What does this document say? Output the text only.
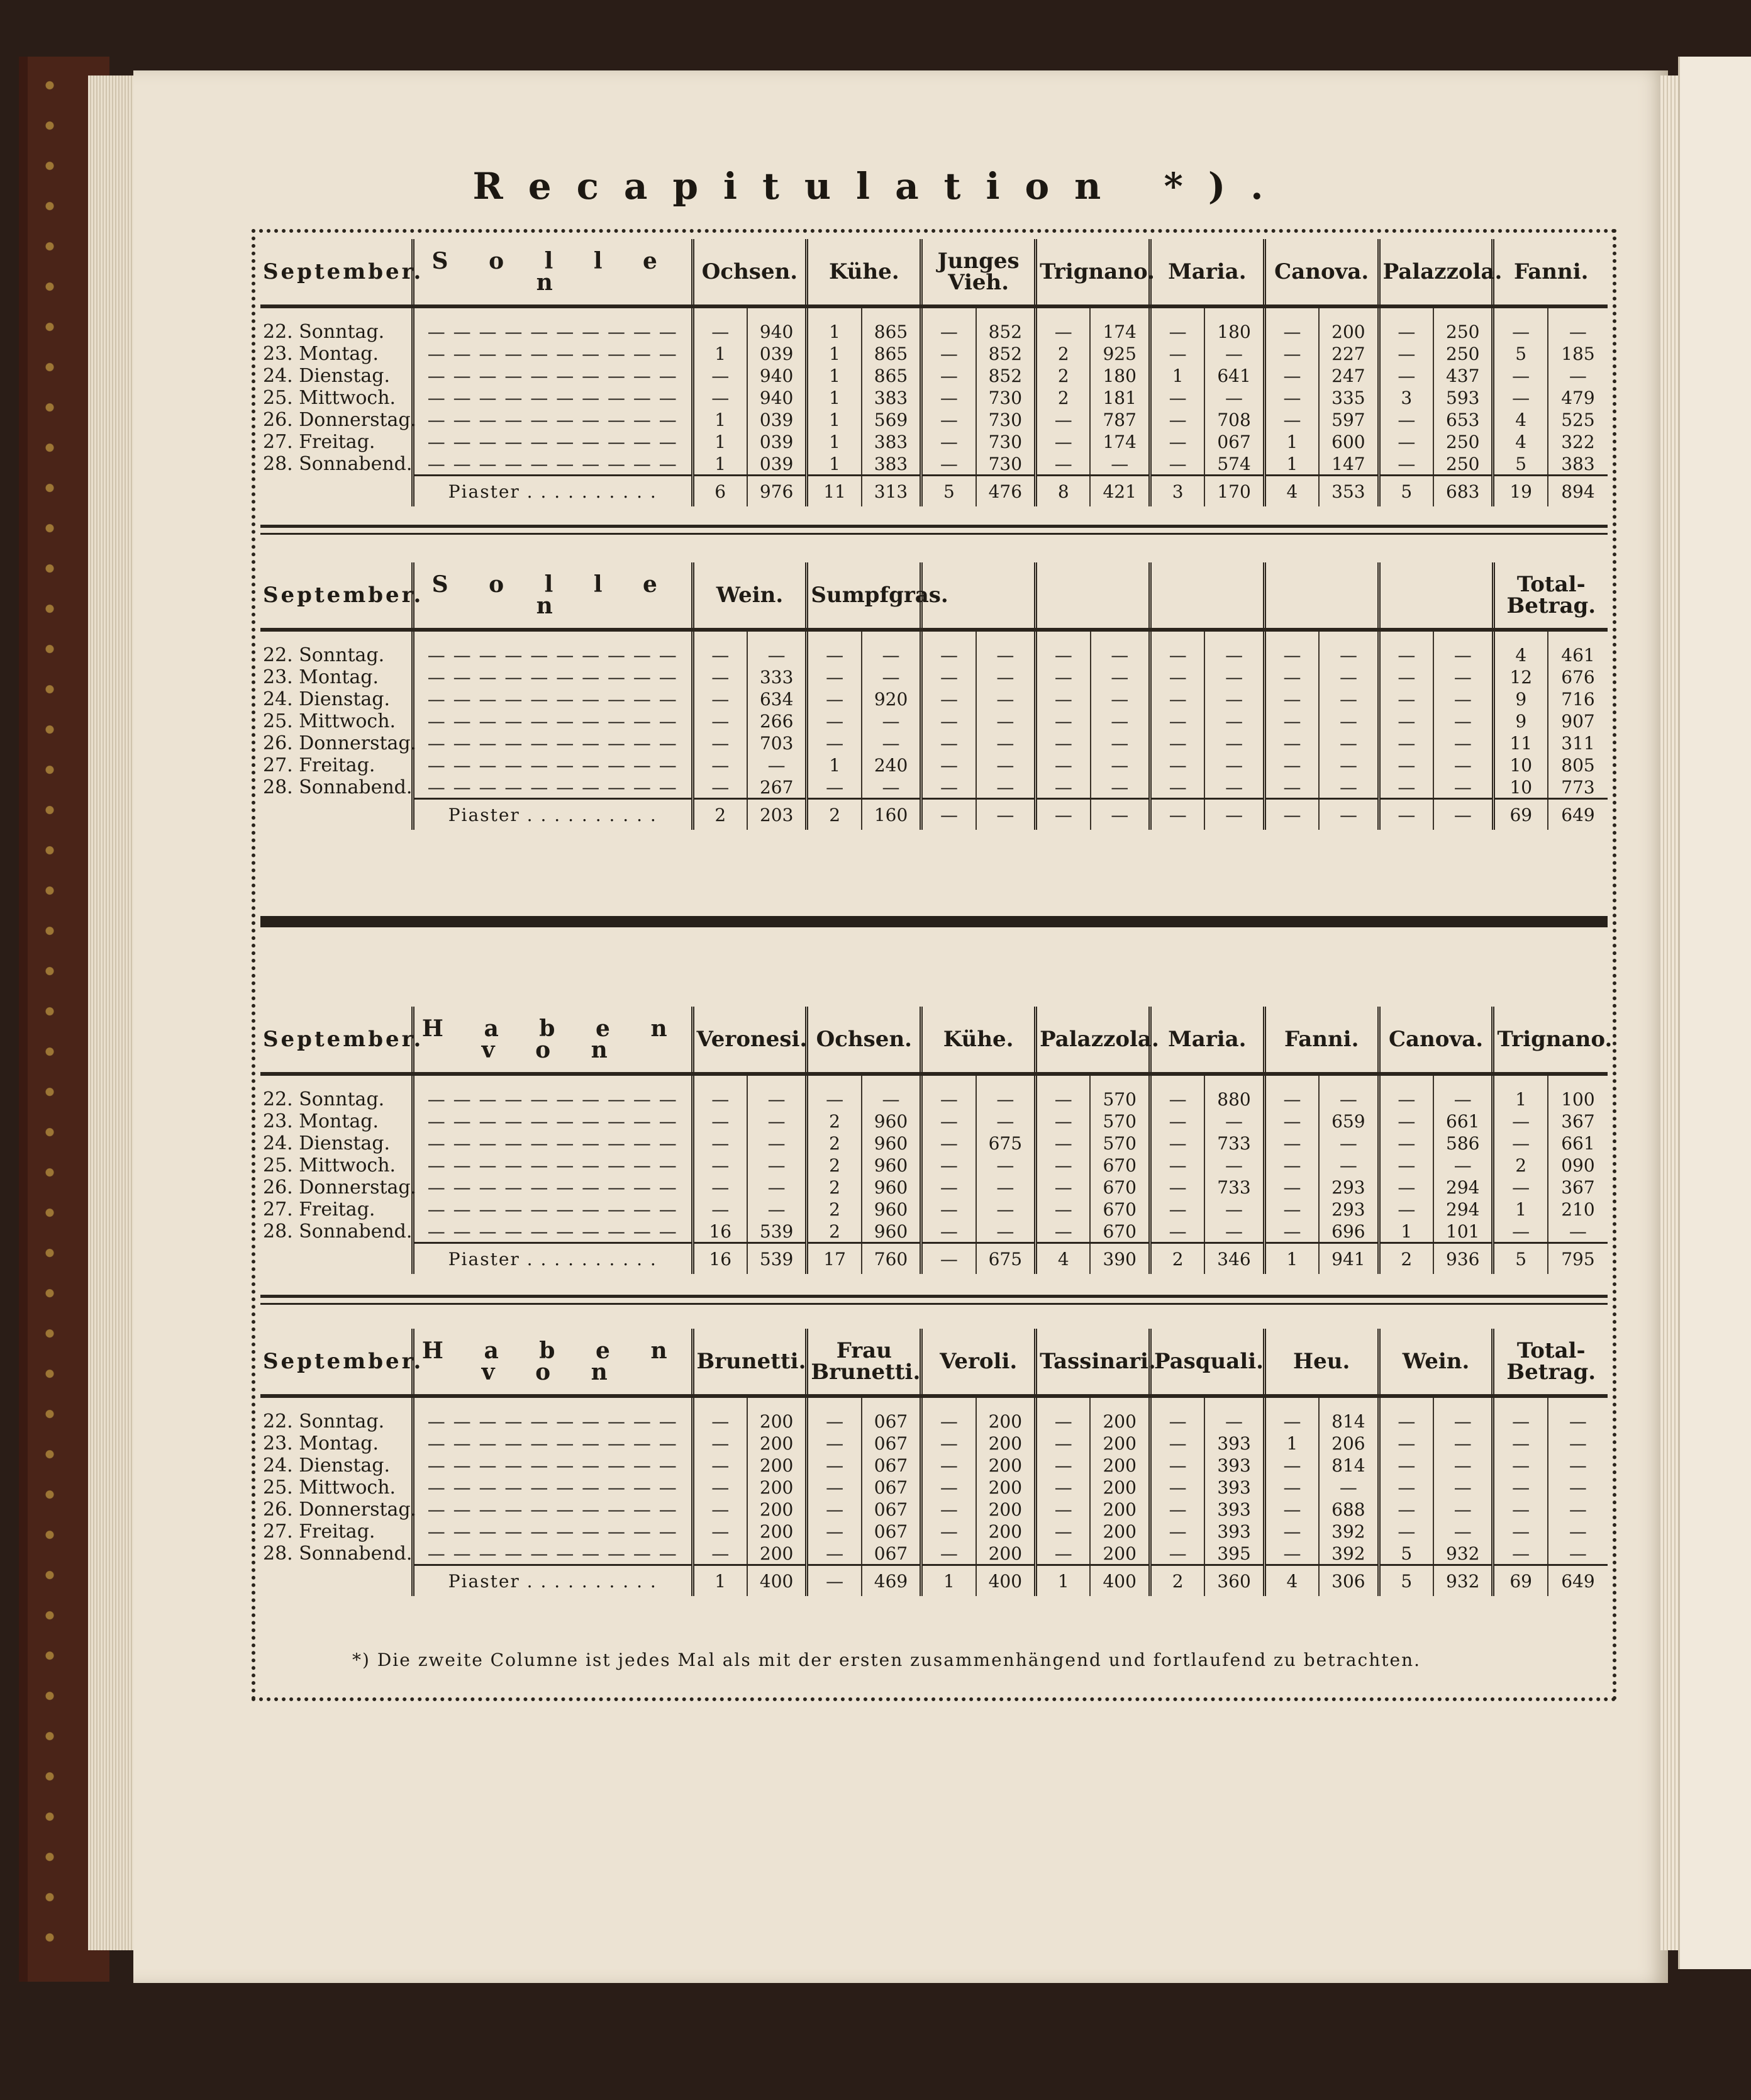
Recapitulation *).
September.	S o l l e n	Ochsen.		Kühe.		Junges Vieh.		Trignano.		Maria.		Canova.		Palazzola.		Fanni.	

22. Sonntag.	— — — — — — — — — —	—	940	1	865	—	852	—	174	—	180	—	200	—	250	—	—
23. Montag.	— — — — — — — — — —	1	039	1	865	—	852	2	925	—	—	—	227	—	250	5	185
24. Dienstag.	— — — — — — — — — —	—	940	1	865	—	852	2	180	1	641	—	247	—	437	—	—
25. Mittwoch.	— — — — — — — — — —	—	940	1	383	—	730	2	181	—	—	—	335	3	593	—	479
26. Donnerstag.	— — — — — — — — — —	1	039	1	569	—	730	—	787	—	708	—	597	—	653	4	525
27. Freitag.	— — — — — — — — — —	1	039	1	383	—	730	—	174	—	067	1	600	—	250	4	322
28. Sonnabend.	— — — — — — — — — —	1	039	1	383	—	730	—	—	—	574	1	147	—	250	5	383
	Piaster . . . . . . . . . .	6	976	11	313	5	476	8	421	3	170	4	353	5	683	19	894
September.	S o l l e n	Wein.		Sumpfgras.												Total-Betrag.	

22. Sonntag.	— — — — — — — — — —	—	—	—	—	—	—	—	—	—	—	—	—	—	—	4	461
23. Montag.	— — — — — — — — — —	—	333	—	—	—	—	—	—	—	—	—	—	—	—	12	676
24. Dienstag.	— — — — — — — — — —	—	634	—	920	—	—	—	—	—	—	—	—	—	—	9	716
25. Mittwoch.	— — — — — — — — — —	—	266	—	—	—	—	—	—	—	—	—	—	—	—	9	907
26. Donnerstag.	— — — — — — — — — —	—	703	—	—	—	—	—	—	—	—	—	—	—	—	11	311
27. Freitag.	— — — — — — — — — —	—	—	1	240	—	—	—	—	—	—	—	—	—	—	10	805
28. Sonnabend.	— — — — — — — — — —	—	267	—	—	—	—	—	—	—	—	—	—	—	—	10	773
	Piaster . . . . . . . . . .	2	203	2	160	—	—	—	—	—	—	—	—	—	—	69	649
September.	H a b e n v o n	Veronesi.		Ochsen.		Kühe.		Palazzola.		Maria.		Fanni.		Canova.		Trignano.	

22. Sonntag.	— — — — — — — — — —	—	—	—	—	—	—	—	570	—	880	—	—	—	—	1	100
23. Montag.	— — — — — — — — — —	—	—	2	960	—	—	—	570	—	—	—	659	—	661	—	367
24. Dienstag.	— — — — — — — — — —	—	—	2	960	—	675	—	570	—	733	—	—	—	586	—	661
25. Mittwoch.	— — — — — — — — — —	—	—	2	960	—	—	—	670	—	—	—	—	—	—	2	090
26. Donnerstag.	— — — — — — — — — —	—	—	2	960	—	—	—	670	—	733	—	293	—	294	—	367
27. Freitag.	— — — — — — — — — —	—	—	2	960	—	—	—	670	—	—	—	293	—	294	1	210
28. Sonnabend.	— — — — — — — — — —	16	539	2	960	—	—	—	670	—	—	—	696	1	101	—	—
	Piaster . . . . . . . . . .	16	539	17	760	—	675	4	390	2	346	1	941	2	936	5	795
September.	H a b e n v o n	Brunetti.		Frau Brunetti.		Veroli.		Tassinari.		Pasquali.		Heu.		Wein.		Total-Betrag.	

22. Sonntag.	— — — — — — — — — —	—	200	—	067	—	200	—	200	—	—	—	814	—	—	—	—
23. Montag.	— — — — — — — — — —	—	200	—	067	—	200	—	200	—	393	1	206	—	—	—	—
24. Dienstag.	— — — — — — — — — —	—	200	—	067	—	200	—	200	—	393	—	814	—	—	—	—
25. Mittwoch.	— — — — — — — — — —	—	200	—	067	—	200	—	200	—	393	—	—	—	—	—	—
26. Donnerstag.	— — — — — — — — — —	—	200	—	067	—	200	—	200	—	393	—	688	—	—	—	—
27. Freitag.	— — — — — — — — — —	—	200	—	067	—	200	—	200	—	393	—	392	—	—	—	—
28. Sonnabend.	— — — — — — — — — —	—	200	—	067	—	200	—	200	—	395	—	392	5	932	—	—
	Piaster . . . . . . . . . .	1	400	—	469	1	400	1	400	2	360	4	306	5	932	69	649
*) Die zweite Columne ist jedes Mal als mit der ersten zusammenhängend und fortlaufend zu betrachten.
